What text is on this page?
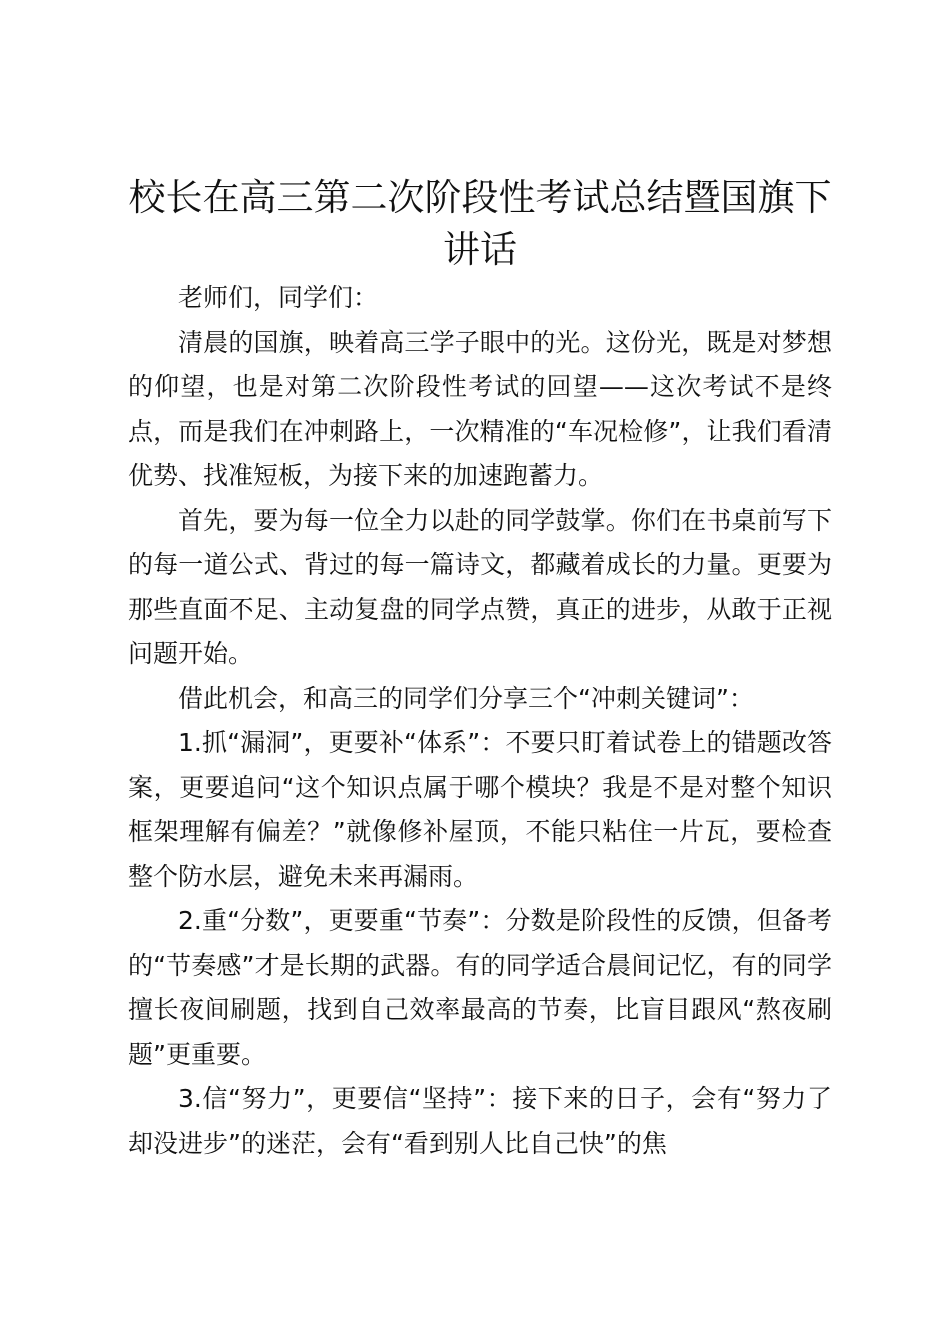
校长在高三第二次阶段性考试总结暨国旗下讲话

老师们，同学们：

清晨的国旗，映着高三学子眼中的光。这份光，既是对梦想的仰望，也是对第二次阶段性考试的回望——这次考试不是终点，而是我们在冲刺路上，一次精准的“车况检修”，让我们看清优势、找准短板，为接下来的加速跑蓄力。

首先，要为每一位全力以赴的同学鼓掌。你们在书桌前写下的每一道公式、背过的每一篇诗文，都藏着成长的力量。更要为那些直面不足、主动复盘的同学点赞，真正的进步，从敢于正视问题开始。

借此机会，和高三的同学们分享三个“冲刺关键词”：

1.抓“漏洞”，更要补“体系”：不要只盯着试卷上的错题改答案，更要追问“这个知识点属于哪个模块？我是不是对整个知识框架理解有偏差？”就像修补屋顶，不能只粘住一片瓦，要检查整个防水层，避免未来再漏雨。

2.重“分数”，更要重“节奏”：分数是阶段性的反馈，但备考的“节奏感”才是长期的武器。有的同学适合晨间记忆，有的同学擅长夜间刷题，找到自己效率最高的节奏，比盲目跟风“熬夜刷题”更重要。

3.信“努力”，更要信“坚持”：接下来的日子，会有“努力了却没进步”的迷茫，会有“看到别人比自己快”的焦
